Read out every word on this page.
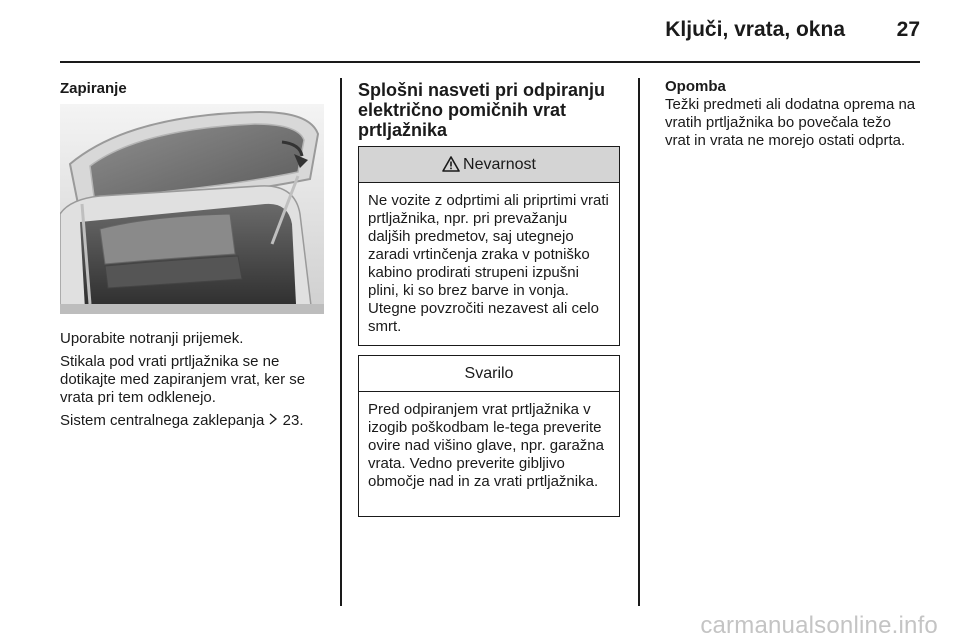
Ključi, vrata, okna	27
Zapiranje

Uporabite notranji prijemek.

Stikala pod vrati prtljažnika se ne dotikajte med zapiranjem vrat, ker se vrata pri tem odklenejo.

Sistem centralnega zaklepanja 23.

Splošni nasveti pri odpiranju električno pomičnih vrat prtljažnika
Nevarnost
Ne vozite z odprtimi ali priprtimi vrati prtljažnika, npr. pri prevažanju daljših predmetov, saj utegnejo zaradi vrtinčenja zraka v potniško kabino prodirati strupeni izpušni plini, ki so brez barve in vonja. Utegne povzročiti nezavest ali celo smrt.
Svarilo
Pred odpiranjem vrat prtljažnika v izogib poškodbam le-tega preverite ovire nad višino glave, npr. garažna vrata. Vedno preverite gibljivo območje nad in za vrati prtljažnika.
Opomba
Težki predmeti ali dodatna oprema na vratih prtljažnika bo povečala težo vrat in vrata ne morejo ostati odprta.
carmanualsonline.info
